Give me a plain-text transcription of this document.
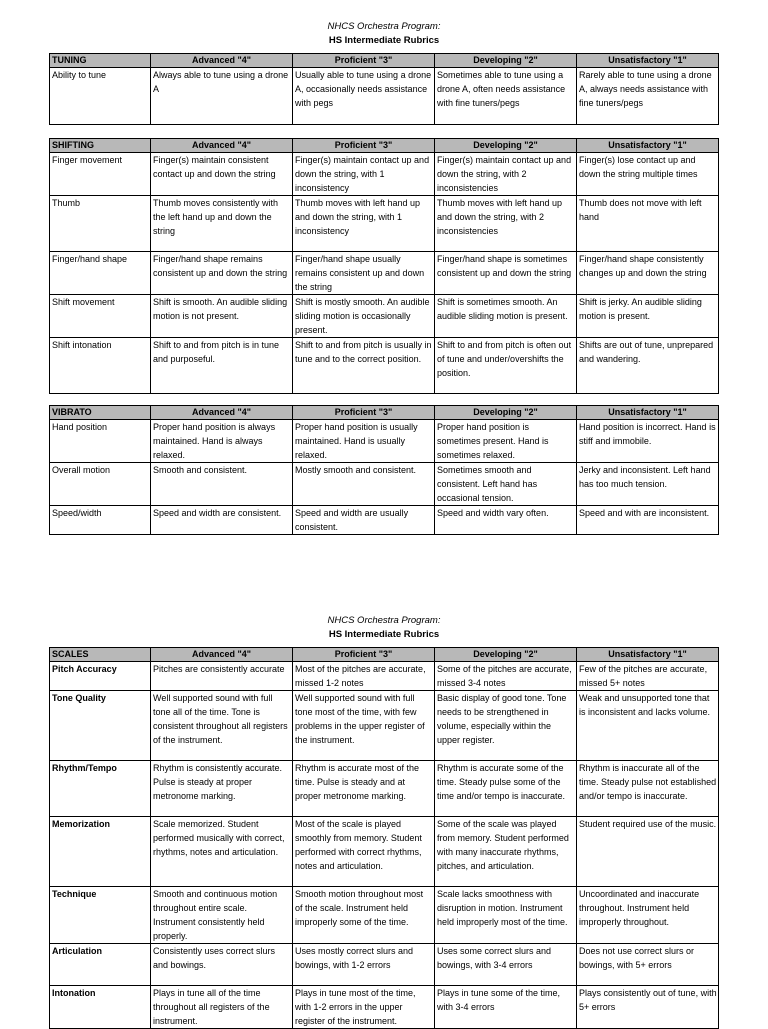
NHCS Orchestra Program:
HS Intermediate Rubrics
TUNING	Advanced "4"	Proficient "3"	Developing "2"	Unsatisfactory "1"
Ability to tune	Always able to tune using a drone A	Usually able to tune using a drone A, occasionally needs assistance with pegs	Sometimes able to tune using a drone A, often needs assistance with fine tuners/pegs	Rarely able to tune using a drone A, always needs assistance with fine tuners/pegs
SHIFTING	Advanced "4"	Proficient "3"	Developing "2"	Unsatisfactory "1"
Finger movement	Finger(s) maintain consistent contact up and down the string	Finger(s) maintain contact up and down the string, with 1 inconsistency	Finger(s) maintain contact up and down the string, with 2 inconsistencies	Finger(s) lose contact up and down the string multiple times
Thumb	Thumb moves consistently with the left hand up and down the string	Thumb moves with left hand up and down the string, with 1 inconsistency	Thumb moves with left hand up and down the string, with 2 inconsistencies	Thumb does not move with left hand
Finger/hand shape	Finger/hand shape remains consistent up and down the string	Finger/hand shape usually remains consistent up and down the string	Finger/hand shape is sometimes consistent up and down the string	Finger/hand shape consistently changes up and down the string
Shift movement	Shift is smooth. An audible sliding motion is not present.	Shift is mostly smooth. An audible sliding motion is occasionally present.	Shift is sometimes smooth. An audible sliding motion is present.	Shift is jerky. An audible sliding motion is present.
Shift intonation	Shift to and from pitch is in tune and purposeful.	Shift to and from pitch is usually in tune and to the correct position.	Shift to and from pitch is often out of tune and under/overshifts the position.	Shifts are out of tune, unprepared and wandering.
VIBRATO	Advanced "4"	Proficient "3"	Developing "2"	Unsatisfactory "1"
Hand position	Proper hand position is always maintained. Hand is always relaxed.	Proper hand position is usually maintained. Hand is usually relaxed.	Proper hand position is sometimes present. Hand is sometimes relaxed.	Hand position is incorrect. Hand is stiff and immobile.
Overall motion	Smooth and consistent.	Mostly smooth and consistent.	Sometimes smooth and consistent. Left hand has occasional tension.	Jerky and inconsistent. Left hand has too much tension.
Speed/width	Speed and width are consistent.	Speed and width are usually consistent.	Speed and width vary often.	Speed and with are inconsistent.
NHCS Orchestra Program:
HS Intermediate Rubrics
SCALES	Advanced "4"	Proficient "3"	Developing "2"	Unsatisfactory "1"
Pitch Accuracy	Pitches are consistently accurate	Most of the pitches are accurate, missed 1-2 notes	Some of the pitches are accurate, missed 3-4 notes	Few of the pitches are accurate, missed 5+ notes
Tone Quality	Well supported sound with full tone all of the time. Tone is consistent throughout all registers of the instrument.	Well supported sound with full tone most of the time, with few problems in the upper register of the instrument.	Basic display of good tone. Tone needs to be strengthened in volume, especially within the upper register.	Weak and unsupported tone that is inconsistent and lacks volume.
Rhythm/Tempo	Rhythm is consistently accurate. Pulse is steady at proper metronome marking.	Rhythm is accurate most of the time. Pulse is steady and at proper metronome marking.	Rhythm is accurate some of the time. Steady pulse some of the time and/or tempo is inaccurate.	Rhythm is inaccurate all of the time. Steady pulse not established and/or tempo is inaccurate.
Memorization	Scale memorized. Student performed musically with correct, rhythms, notes and articulation.	Most of the scale is played smoothly from memory. Student performed with correct rhythms, notes and articulation.	Some of the scale was played from memory. Student performed with many inaccurate rhythms, pitches, and articulation.	Student required use of the music.
Technique	Smooth and continuous motion throughout entire scale. Instrument consistently held properly.	Smooth motion throughout most of the scale. Instrument held improperly some of the time.	Scale lacks smoothness with disruption in motion. Instrument held improperly most of the time.	Uncoordinated and inaccurate throughout. Instrument held improperly throughout.
Articulation	Consistently uses correct slurs and bowings.	Uses mostly correct slurs and bowings, with 1-2 errors	Uses some correct slurs and bowings, with 3-4 errors	Does not use correct slurs or bowings, with 5+ errors
Intonation	Plays in tune all of the time throughout all registers of the instrument.	Plays in tune most of the time, with 1-2 errors in the upper register of the instrument.	Plays in tune some of the time, with 3-4 errors	Plays consistently out of tune, with 5+ errors
